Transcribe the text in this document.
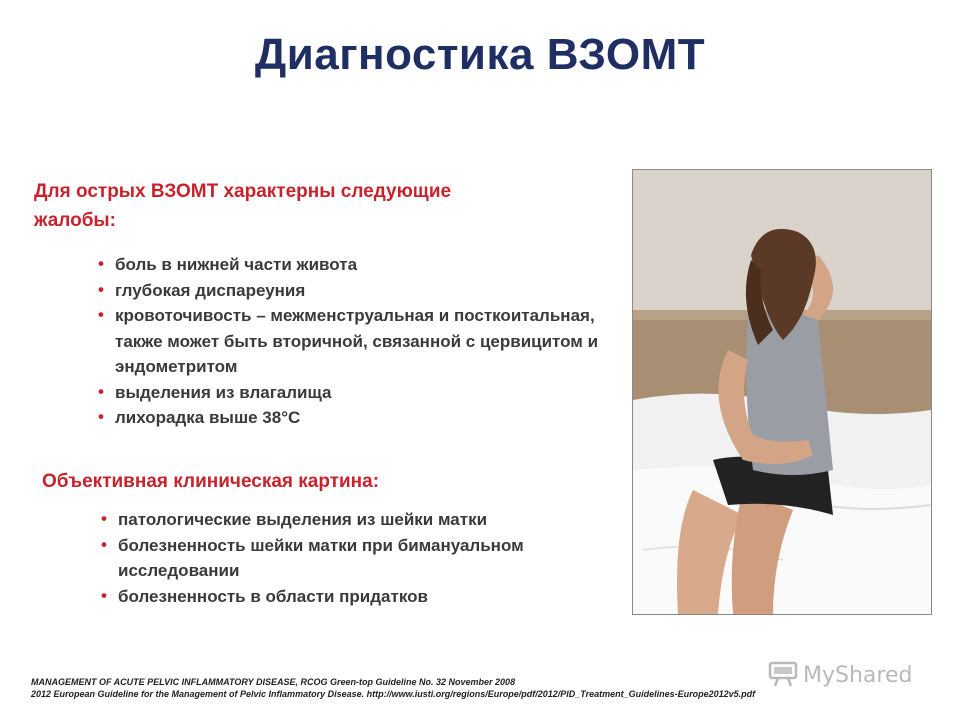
Диагностика ВЗОМТ
Для острых ВЗОМТ характерны следующие жалобы:
• боль в нижней части живота
• глубокая диспареуния
• кровоточивость – межменструальная и посткоитальная, также может быть вторичной, связанной с цервицитом и эндометритом
• выделения из влагалища
• лихорадка выше 38°С
Объективная клиническая картина:
• патологические выделения из шейки матки
• болезненность шейки матки при бимануальном исследовании
• болезненность в области придатков
MANAGEMENT OF ACUTE PELVIC INFLAMMATORY DISEASE, RCOG Green-top Guideline No. 32 November 2008
2012 European Guideline for the Management of Pelvic Inflammatory Disease. http://www.iusti.org/regions/Europe/pdf/2012/PID_Treatment_Guidelines-Europe2012v5.pdf
MyShared
